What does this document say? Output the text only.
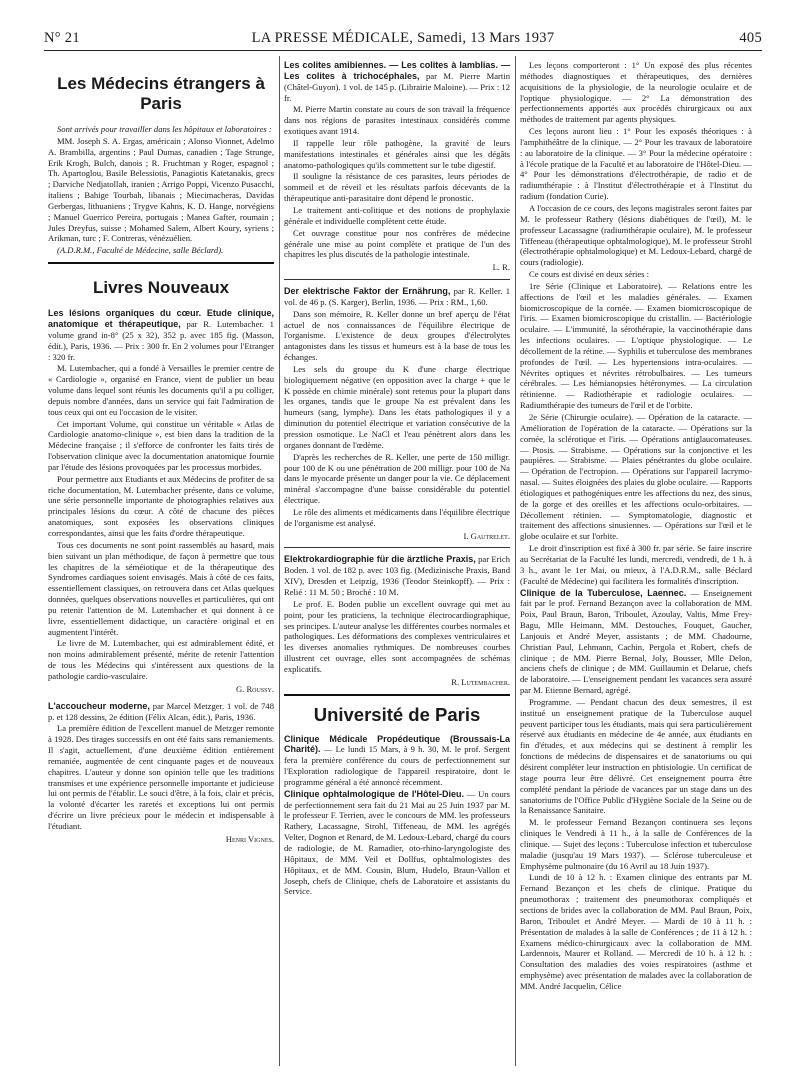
N° 21	LA PRESSE MÉDICALE, Samedi, 13 Mars 1937	405
Les Médecins étrangers à Paris

Sont arrivés pour travailler dans les hôpitaux et laboratoires :

MM. Joseph S. A. Ergas, américain ; Alonso Vionnet, Adelmo A. Brambilla, argentins ; Paul Dumas, canadien ; Tage Strunge, Erik Krogh, Bulch, danois ; R. Fruchtman y Roger, espagnol ; Th. Apartoglou, Basile Belessiotis, Panagiotis Katetanakis, grecs ; Darviche Nedjatollah, iranien ; Arrigo Poppi, Vicenzo Pusacchi, italiens ; Bahige Tourbah, libanais ; Miecimacheras, Davidas Gerbergas, lithuaniens ; Trygve Kahns, K. D. Hange, norvégiens ; Manuel Guerrico Pereira, portugais ; Manea Gafter, roumain ; Jules Dreyfus, suisse ; Mohamed Salem, Albert Koury, syriens ; Arikman, turc ; F. Contreras, vénézuélien.

(A.D.R.M., Faculté de Médecine, salle Béclard).

Livres Nouveaux

Les lésions organiques du cœur. Etude clinique, anatomique et thérapeutique, par R. Lutembacher. 1 volume grand in-8° (25 x 32), 352 p. avec 185 fig. (Masson, édit.), Paris, 1936. — Prix : 300 fr. En 2 volumes pour l'Etranger : 320 fr.

M. Lutembacher, qui a fondé à Versailles le premier centre de « Cardiologie », organisé en France, vient de publier un beau volume dans lequel sont réunis les documents qu'il a pu colliger, depuis nombre d'années, dans un service qui fait l'admiration de tous ceux qui ont eu l'occasion de le visiter.

Cet important Volume, qui constitue un véritable « Atlas de Cardiologie anatomo-clinique », est bien dans la tradition de la Médecine française ; il s'efforce de confronter les faits tirés de l'observation clinique avec la documentation anatomique fournie par l'étude des lésions provoquées par les processus morbides.

Pour permettre aux Etudiants et aux Médecins de profiter de sa riche documentation, M. Lutembacher présente, dans ce volume, une série personnelle importante de photographies relatives aux principales lésions du cœur. A côté de chacune des pièces anatomiques, sont exposées les observations cliniques correspondantes, ainsi que les faits d'ordre thérapeutique.

Tous ces documents ne sont point rassemblés au hasard, mais bien suivant un plan méthodique, de façon à permettre que tous les chapitres de la séméiotique et de la thérapeutique des Syndromes cardiaques soient envisagés. Mais à côté de ces faits, essentiellement classiques, on retrouvera dans cet Atlas quelques données, quelques observations nouvelles et particulières, qui ont pu retenir l'attention de M. Lutembacher et qui donnent à ce livre, essentiellement didactique, un caractère original et en augmentent l'intérêt.

Le livre de M. Lutembacher, qui est admirablement édité, et non moins admirablement présenté, mérite de retenir l'attention de tous les Médecins qui s'intéressent aux questions de la pathologie cardio-vasculaire.

G. Roussy.

L'accoucheur moderne, par Marcel Metzger. 1 vol. de 748 p. et 128 dessins, 2e édition (Félix Alcan, édit.), Paris, 1936.

La première édition de l'excellent manuel de Metzger remonte à 1928. Des tirages successifs en ont été faits sans remaniements. Il s'agit, actuellement, d'une deuxième édition entièrement remaniée, augmentée de cent cinquante pages et de nouveaux chapitres. L'auteur y donne son opinion telle que les traditions transmises et une expérience personnelle importante et judicieuse lui ont permis de l'établir. Le souci d'être, à la fois, clair et précis, la volonté d'écarter les raretés et exceptions lui ont permis d'écrire un livre précieux pour le médecin et indispensable à l'étudiant.

Henri Vignes.

Les colites amibiennes. — Les colites à lamblias. — Les colites à trichocéphales, par M. Pierre Martin (Châtel-Guyon). 1 vol. de 145 p. (Librairie Maloine). — Prix : 12 fr.

M. Pierre Martin constate au cours de son travail la fréquence dans nos régions de parasites intestinaux considérés comme exotiques avant 1914.

Il rappelle leur rôle pathogène, la gravité de leurs manifestations intestinales et générales ainsi que les dégâts anatomo-pathologiques qu'ils commettent sur le tube digestif.

Il souligne la résistance de ces parasites, leurs périodes de sommeil et de réveil et les résultats parfois décevants de la thérapeutique anti-parasitaire dont dépend le pronostic.

Le traitement anti-colitique et des notions de prophylaxie générale et individuelle complètent cette étude.

Cet ouvrage constitue pour nos confrères de médecine générale une mise au point complète et pratique de l'un des chapitres les plus discutés de la pathologie intestinale.

L. R.

Der elektrische Faktor der Ernährung, par R. Keller. 1 vol. de 46 p. (S. Karger), Berlin, 1936. — Prix : RM., 1,60.

Dans son mémoire, R. Keller donne un bref aperçu de l'état actuel de nos connaissances de l'équilibre électrique de l'organisme. L'existence de deux groupes d'électrolytes antagonistes dans les tissus et humeurs est à la base de tous les échanges.

Les sels du groupe du K d'une charge électrique biologiquement négative (en opposition avec la charge + que le K possède en chimie minérale) sont retenus pour la plupart dans les organes, tandis que le groupe Na est prévalent dans les humeurs (sang, lymphe). Dans les états pathologiques il y a diminution du potentiel électrique et variation consécutive de la pression osmotique. Le NaCl et l'eau pénètrent alors dans les organes donnant de l'œdème.

D'après les recherches de R. Keller, une perte de 150 milligr. pour 100 de K ou une pénétration de 200 milligr. pour 100 de Na dans le myocarde présente un danger pour la vie. Ce déplacement minéral s'accompagne d'une baisse considérable du potentiel électrique.

Le rôle des aliments et médicaments dans l'équilibre électrique de l'organisme est analysé.

I. Gautrelet.

Elektrokardiographie für die ärztliche Praxis, par Erich Boden. 1 vol. de 182 p. avec 103 fig. (Medizinische Praxis, Band XIV), Dresden et Leipzig, 1936 (Teodor Steinkopff). — Prix : Relié : 11 M. 50 ; Broché : 10 M.

Le prof. E. Boden publie un excellent ouvrage qui met au point, pour les praticiens, la technique électrocardiographique, ses principes. L'auteur analyse les différentes courbes normales et pathologiques. Les déformations des complexes ventriculaires et les diverses anomalies rythmiques. De nombreuses courbes illustrent cet ouvrage, elles sont accompagnées de schémas explicatifs.

R. Lutembacher.
Université de Paris

Clinique Médicale Propédeutique (Broussais-La Charité). — Le lundi 15 Mars, à 9 h. 30, M. le prof. Sergent fera la première conférence du cours de perfectionnement sur l'Exploration radiologique de l'appareil respiratoire, dont le programme général a été annoncé récemment.

Clinique ophtalmologique de l'Hôtel-Dieu. — Un cours de perfectionnement sera fait du 21 Mai au 25 Juin 1937 par M. le professeur F. Terrien, avec le concours de MM. les professeurs Rathery, Lacassagne, Strohl, Tiffeneau, de MM. les agrégés Velter, Dognon et Renard, de M. Ledoux-Lebard, chargé du cours de radiologie, de M. Ramadier, oto-rhino-laryngologiste des Hôpitaux, de MM. Veil et Dollfus, ophtalmologistes des Hôpitaux, et de MM. Cousin, Blum, Hudelo, Braun-Vallon et Joseph, chefs de Clinique, chefs de Laboratoire et assistants du Service.

Les leçons comporteront : 1° Un exposé des plus récentes méthodes diagnostiques et thérapeutiques, des dernières acquisitions de la physiologie, de la neurologie oculaire et de l'optique physiologique. — 2° La démonstration des perfectionnements apportés aux procédés chirurgicaux ou aux méthodes de traitement par agents physiques.

Ces leçons auront lieu : 1° Pour les exposés théoriques : à l'amphithéâtre de la clinique. — 2° Pour les travaux de laboratoire : au laboratoire de la clinique. — 3° Pour la médecine opératoire : à l'école pratique de la Faculté et au laboratoire de l'Hôtel-Dieu. — 4° Pour les démonstrations d'électrothérapie, de radio et de radiumthérapie : à l'Institut d'électrothérapie et à l'Institut du radium (fondation Curie).

A l'occasion de ce cours, des leçons magistrales seront faites par M. le professeur Rathery (lésions diabétiques de l'œil), M. le professeur Lacassagne (radiumthérapie oculaire), M. le professeur Tiffeneau (thérapeutique ophtalmologique), M. le professeur Strohl (électrothérapie ophtalmologique) et M. Ledoux-Lebard, chargé de cours (radiologie).

Ce cours est divisé en deux séries :

1re Série (Clinique et Laboratoire). — Relations entre les affections de l'œil et les maladies générales. — Examen biomicroscopique de la cornée. — Examen biomicroscopique de l'iris. — Examen biomicroscopique du cristallin. — Bactériologie oculaire. — L'immunité, la sérothérapie, la vaccinothérapie dans les infections oculaires. — L'optique physiologique. — Le décollement de la rétine. — Syphilis et tuberculose des membranes profondes de l'œil. — Les hypertensions intra-oculaires. — Névrites optiques et névrites rétrobulbaires. — Les tumeurs cérébrales. — Les hémianopsies hétéronymes. — La circulation rétinienne. — Radiothérapie et radiologie oculaires. — Radiumthérapie des tumeurs de l'œil et de l'orbite.

2e Série (Chirurgie oculaire). — Opération de la cataracte. — Amélioration de l'opération de la cataracte. — Opérations sur la cornée, la sclérotique et l'iris. — Opérations antiglaucomateuses. — Ptosis. — Strabisme. — Opérations sur la conjonctive et les paupières. — Strabisme. — Plaies pénétrantes du globe oculaire. — Opération de l'ectropion. — Opérations sur l'appareil lacrymo-nasal. — Suites éloignées des plaies du globe oculaire. — Rapports étiologiques et pathogéniques entre les affections du nez, des sinus, de la gorge et des oreilles et les affections oculo-orbitaires. — Décollement rétinien. — Symptomatologie, diagnostic et traitement des affections sinusiennes. — Opérations sur l'œil et le globe oculaire et sur l'orbite.

Le droit d'inscription est fixé à 300 fr. par série. Se faire inscrire au Secrétariat de la Faculté les lundi, mercredi, vendredi, de 1 h. à 3 h., avant le 1er Mai, ou mieux, à l'A.D.R.M., salle Béclard (Faculté de Médecine) qui facilitera les formalités d'inscription.

Clinique de la Tuberculose, Laennec. — Enseignement fait par le prof. Fernand Bezançon avec la collaboration de MM. Poix, Paul Braun, Baron, Triboulet, Azoulay, Valtis, Mme Frey-Bagu, Mlle Heimann, MM. Destouches, Fouquet, Gaucher, Lanjouis et André Meyer, assistants ; de MM. Chadourne, Christian Paul, Lehmann, Cachin, Pergola et Robert, chefs de clinique ; de MM. Pierre Bernal, Joly, Bousser, Mlle Delon, anciens chefs de clinique ; de MM. Guillaumin et Delarue, chefs de laboratoire. — L'enseignement pendant les vacances sera assuré par M. Etienne Bernard, agrégé.

Programme. — Pendant chacun des deux semestres, il est institué un enseignement pratique de la Tuberculose auquel peuvent participer tous les étudiants, mais qui sera particulièrement réservé aux étudiants en médecine de 4e année, aux étudiants en fin d'études, et aux médecins qui se destinent à remplir les fonctions de médecins de dispensaires et de sanatoriums ou qui désirent compléter leur instruction en phtisiologie. Un certificat de stage pourra leur être délivré. Cet enseignement pourra être complété pendant la période de vacances par un stage dans un des sanatoriums de l'Office Public d'Hygiène Sociale de la Seine ou de la Renaissance Sanitaire.

M. le professeur Fernand Bezançon continuera ses leçons cliniques le Vendredi à 11 h., à la salle de Conférences de la clinique. — Sujet des leçons : Tuberculose infection et tuberculose maladie (jusqu'au 19 Mars 1937). — Sclérose tuberculeuse et Emphysème pulmonaire (du 16 Avril au 18 Juin 1937).

Lundi de 10 à 12 h. : Examen clinique des entrants par M. Fernand Bezançon et les chefs de clinique. Pratique du pneumothorax ; traitement des pneumothorax compliqués et sections de brides avec la collaboration de MM. Paul Braun, Poix, Baron, Triboulet et André Meyer. — Mardi de 10 à 11 h. : Présentation de malades à la salle de Conférences ; de 11 à 12 h. : Examens médico-chirurgicaux avec la collaboration de MM. Lardennois, Maurer et Rolland. — Mercredi de 10 h. à 12 h. : Consultation des maladies des voies respiratoires (asthme et emphysème) avec présentation de malades avec la collaboration de MM. André Jacquelin, Célice
